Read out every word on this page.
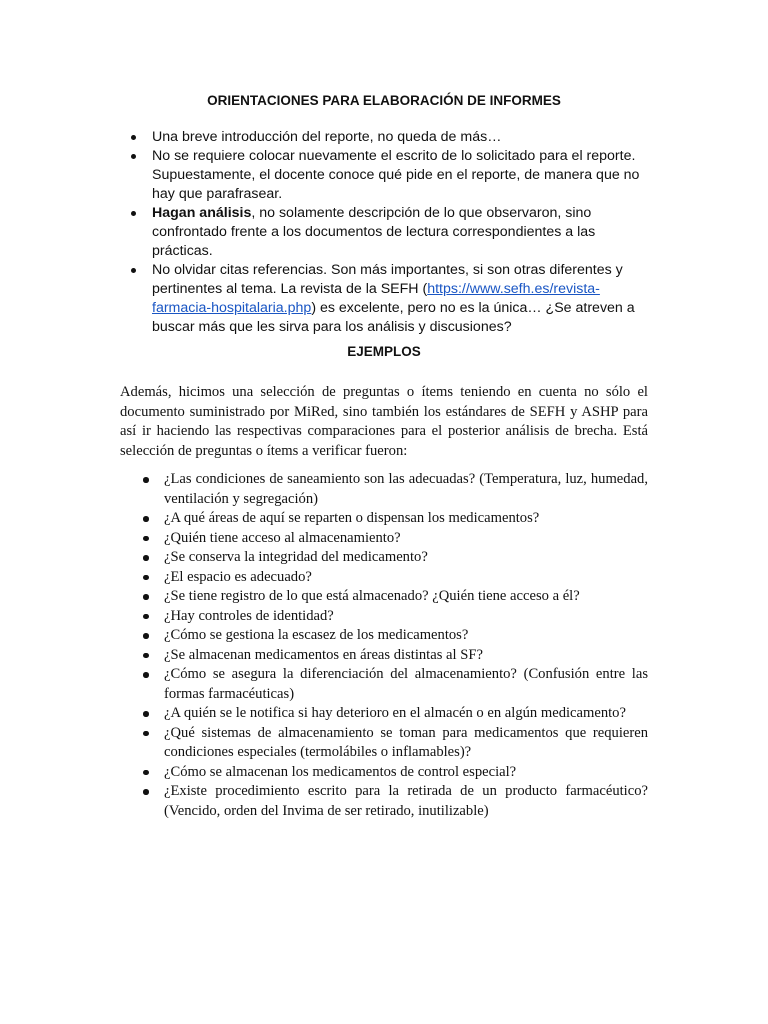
ORIENTACIONES PARA ELABORACIÓN DE INFORMES
Una breve introducción del reporte, no queda de más…
No se requiere colocar nuevamente el escrito de lo solicitado para el reporte. Supuestamente, el docente conoce qué pide en el reporte, de manera que no hay que parafrasear.
Hagan análisis, no solamente descripción de lo que observaron, sino confrontado frente a los documentos de lectura correspondientes a las prácticas.
No olvidar citas referencias. Son más importantes, si son otras diferentes y pertinentes al tema. La revista de la SEFH (https://www.sefh.es/revista-farmacia-hospitalaria.php) es excelente, pero no es la única… ¿Se atreven a buscar más que les sirva para los análisis y discusiones?
EJEMPLOS

Además, hicimos una selección de preguntas o ítems teniendo en cuenta no sólo el documento suministrado por MiRed, sino también los estándares de SEFH y ASHP para así ir haciendo las respectivas comparaciones para el posterior análisis de brecha. Está selección de preguntas o ítems a verificar fueron:

¿Las condiciones de saneamiento son las adecuadas? (Temperatura, luz, humedad, ventilación y segregación)
¿A qué áreas de aquí se reparten o dispensan los medicamentos?
¿Quién tiene acceso al almacenamiento?
¿Se conserva la integridad del medicamento?
¿El espacio es adecuado?
¿Se tiene registro de lo que está almacenado? ¿Quién tiene acceso a él?
¿Hay controles de identidad?
¿Cómo se gestiona la escasez de los medicamentos?
¿Se almacenan medicamentos en áreas distintas al SF?
¿Cómo se asegura la diferenciación del almacenamiento? (Confusión entre las formas farmacéuticas)
¿A quién se le notifica si hay deterioro en el almacén o en algún medicamento?
¿Qué sistemas de almacenamiento se toman para medicamentos que requieren condiciones especiales (termolábiles o inflamables)?
¿Cómo se almacenan los medicamentos de control especial?
¿Existe procedimiento escrito para la retirada de un producto farmacéutico? (Vencido, orden del Invima de ser retirado, inutilizable)
